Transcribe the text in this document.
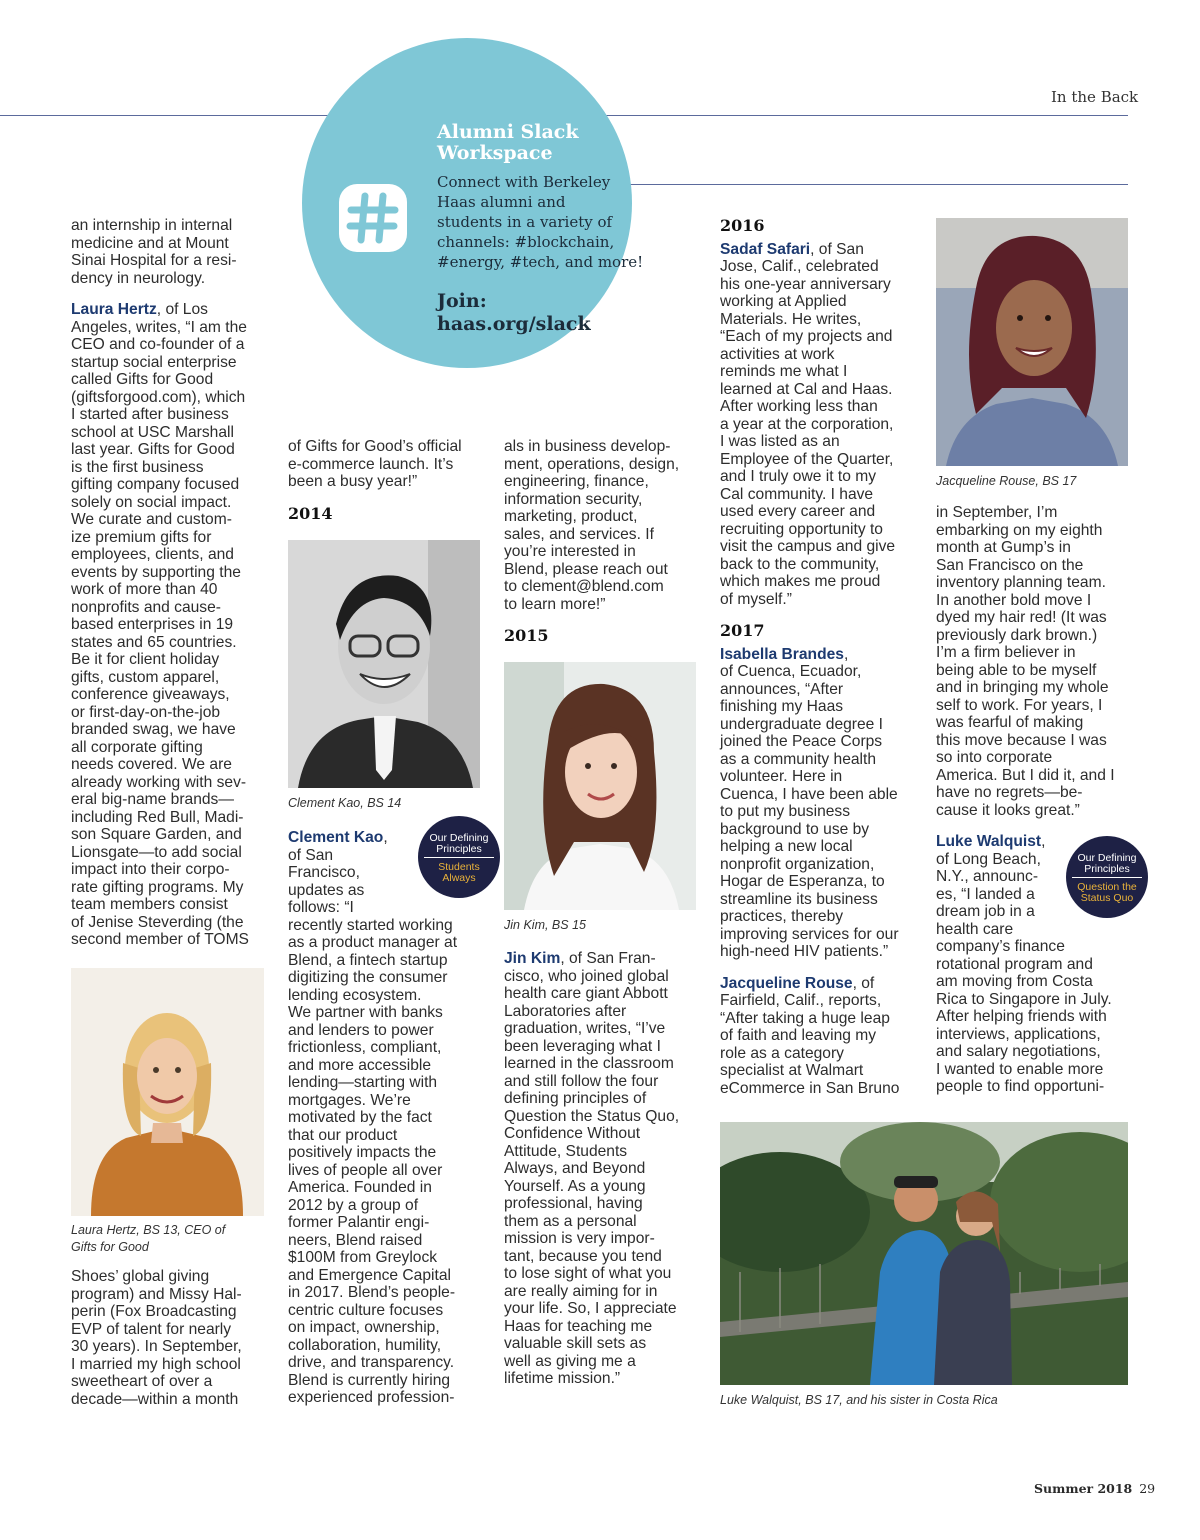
In the Back
Alumni Slack
Workspace
Connect with Berkeley
Haas alumni and
students in a variety of
channels: #blockchain,
#energy, #tech, and more!
Join:
haas.org/slack

an internship in internal
medicine and at Mount
Sinai Hospital for a resi-
dency in neurology.

Laura Hertz, of Los
Angeles, writes, “I am the
CEO and co-founder of a
startup social enterprise
called Gifts for Good
(giftsforgood.com), which
I started after business
school at USC Marshall
last year. Gifts for Good
is the first business
gifting company focused
solely on social impact.
We curate and custom-
ize premium gifts for
employees, clients, and
events by supporting the
work of more than 40
nonprofits and cause-
based enterprises in 19
states and 65 countries.
Be it for client holiday
gifts, custom apparel,
conference giveaways,
or first-day-on-the-job
branded swag, we have
all corporate gifting
needs covered. We are
already working with sev-
eral big-name brands—
including Red Bull, Madi-
son Square Garden, and
Lionsgate—to add social
impact into their corpo-
rate gifting programs. My
team members consist
of Jenise Steverding (the
second member of TOMS

Laura Hertz, BS 13, CEO of
Gifts for Good

Shoes’ global giving
program) and Missy Hal-
perin (Fox Broadcasting
EVP of talent for nearly
30 years). In September,
I married my high school
sweetheart of over a
decade—within a month

of Gifts for Good’s official
e-commerce launch. It’s
been a busy year!”

2014
Clement Kao, BS 14

Clement Kao,
of San
Francisco,
updates as
follows: “I
recently started working
as a product manager at
Blend, a fintech startup
digitizing the consumer
lending ecosystem.
We partner with banks
and lenders to power
frictionless, compliant,
and more accessible
lending—starting with
mortgages. We’re
motivated by the fact
that our product
positively impacts the
lives of people all over
America. Founded in
2012 by a group of
former Palantir engi-
neers, Blend raised
$100M from Greylock
and Emergence Capital
in 2017. Blend’s people-
centric culture focuses
on impact, ownership,
collaboration, humility,
drive, and transparency.
Blend is currently hiring
experienced profession-

Our Defining
Principles
Students
Always

als in business develop-
ment, operations, design,
engineering, finance,
information security,
marketing, product,
sales, and services. If
you’re interested in
Blend, please reach out
to clement@blend.com
to learn more!”

2015
Jin Kim, BS 15

Jin Kim, of San Fran-
cisco, who joined global
health care giant Abbott
Laboratories after
graduation, writes, “I’ve
been leveraging what I
learned in the classroom
and still follow the four
defining principles of
Question the Status Quo,
Confidence Without
Attitude, Students
Always, and Beyond
Yourself. As a young
professional, having
them as a personal
mission is very impor-
tant, because you tend
to lose sight of what you
are really aiming for in
your life. So, I appreciate
Haas for teaching me
valuable skill sets as
well as giving me a
lifetime mission.”

2016

Sadaf Safari, of San
Jose, Calif., celebrated
his one-year anniversary
working at Applied
Materials. He writes,
“Each of my projects and
activities at work
reminds me what I
learned at Cal and Haas.
After working less than
a year at the corporation,
I was listed as an
Employee of the Quarter,
and I truly owe it to my
Cal community. I have
used every career and
recruiting opportunity to
visit the campus and give
back to the community,
which makes me proud
of myself.”

2017

Isabella Brandes,
of Cuenca, Ecuador,
announces, “After
finishing my Haas
undergraduate degree I
joined the Peace Corps
as a community health
volunteer. Here in
Cuenca, I have been able
to put my business
background to use by
helping a new local
nonprofit organization,
Hogar de Esperanza, to
streamline its business
practices, thereby
improving services for our
high-need HIV patients.”

Jacqueline Rouse, of
Fairfield, Calif., reports,
“After taking a huge leap
of faith and leaving my
role as a category
specialist at Walmart
eCommerce in San Bruno

Jacqueline Rouse, BS 17

in September, I’m
embarking on my eighth
month at Gump’s in
San Francisco on the
inventory planning team.
In another bold move I
dyed my hair red! (It was
previously dark brown.)
I’m a firm believer in
being able to be myself
and in bringing my whole
self to work. For years, I
was fearful of making
this move because I was
so into corporate
America. But I did it, and I
have no regrets—be-
cause it looks great.”

Luke Walquist,
of Long Beach,
N.Y., announc-
es, “I landed a
dream job in a
health care
company’s finance
rotational program and
am moving from Costa
Rica to Singapore in July.
After helping friends with
interviews, applications,
and salary negotiations,
I wanted to enable more
people to find opportuni-

Our Defining
Principles
Question the
Status Quo
Luke Walquist, BS 17, and his sister in Costa Rica
Summer 2018 29
